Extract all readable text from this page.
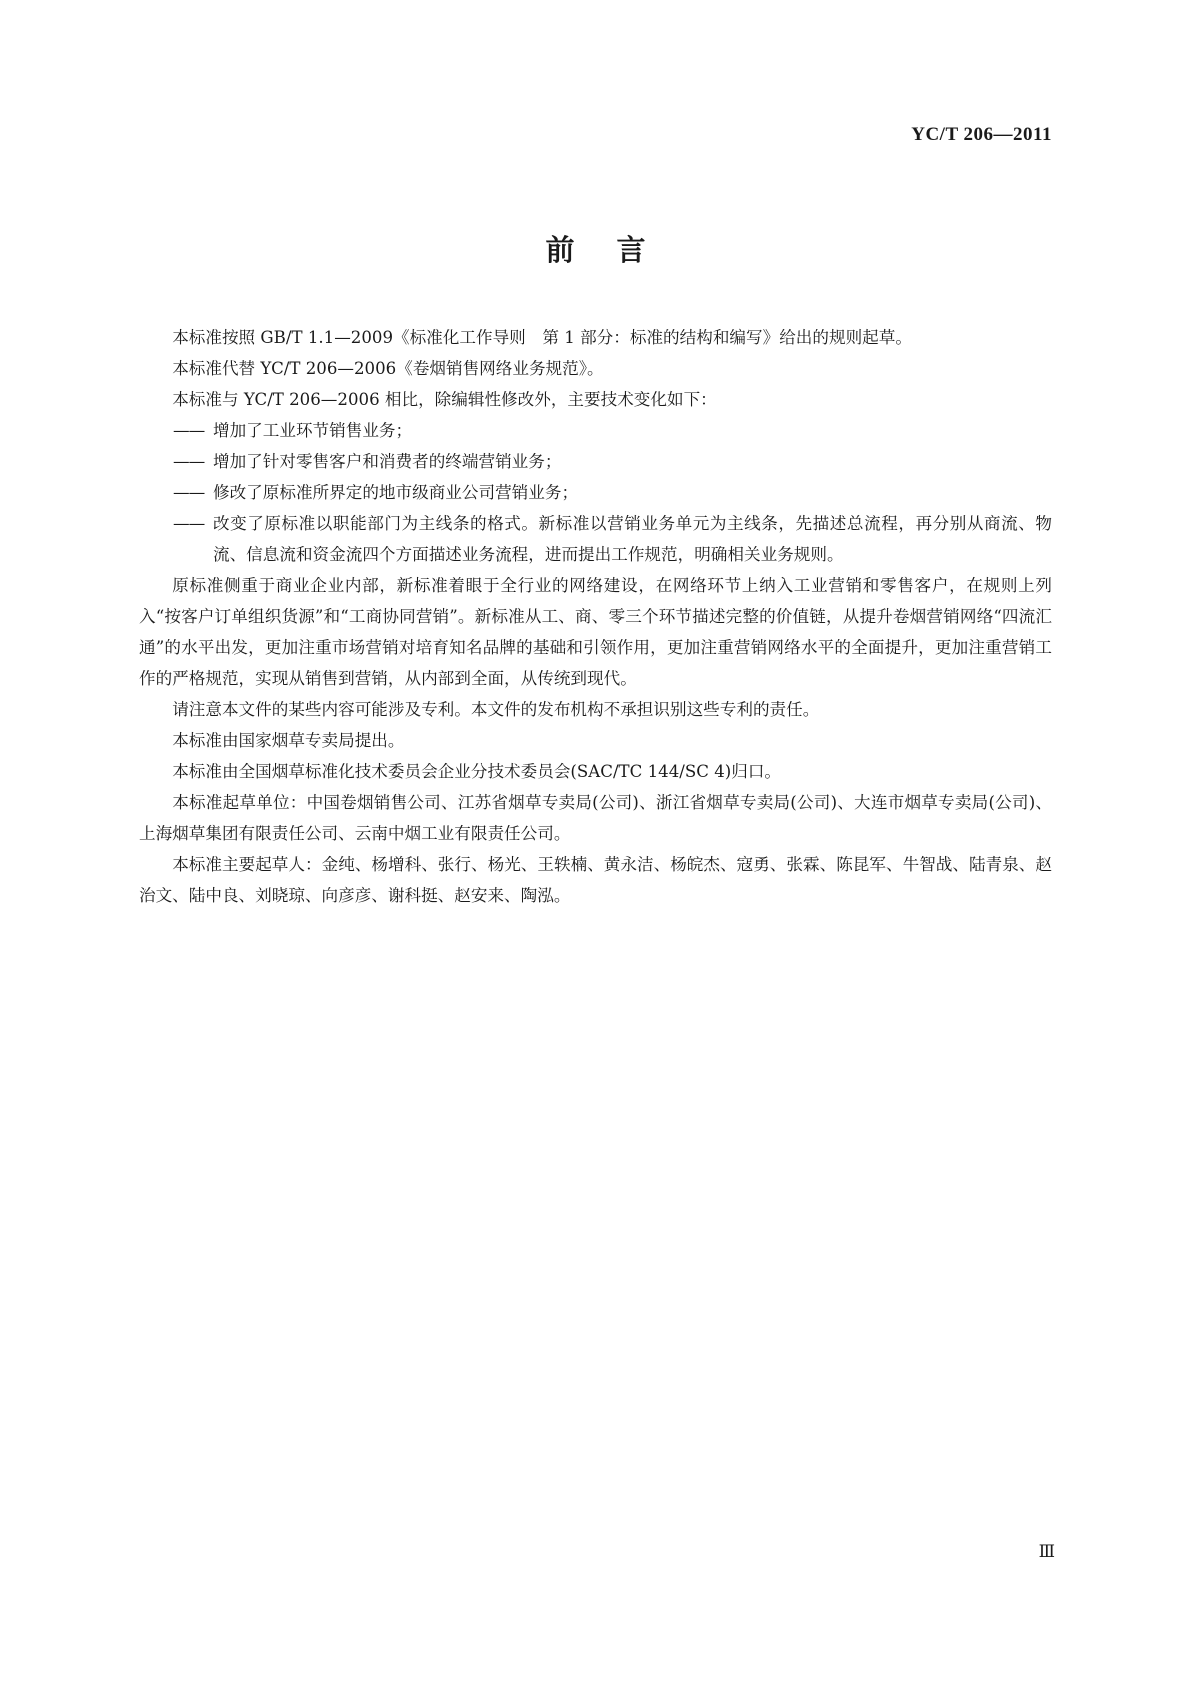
YC/T 206—2011
前言

本标准按照 GB/T 1.1—2009《标准化工作导则　第 1 部分：标准的结构和编写》给出的规则起草。

本标准代替 YC/T 206—2006《卷烟销售网络业务规范》。

本标准与 YC/T 206—2006 相比，除编辑性修改外，主要技术变化如下：

—— 增加了工业环节销售业务；
—— 增加了针对零售客户和消费者的终端营销业务；
—— 修改了原标准所界定的地市级商业公司营销业务；
—— 改变了原标准以职能部门为主线条的格式。新标准以营销业务单元为主线条，先描述总流程，再分别从商流、物流、信息流和资金流四个方面描述业务流程，进而提出工作规范，明确相关业务规则。

原标准侧重于商业企业内部，新标准着眼于全行业的网络建设，在网络环节上纳入工业营销和零售客户，在规则上列入“按客户订单组织货源”和“工商协同营销”。新标准从工、商、零三个环节描述完整的价值链，从提升卷烟营销网络“四流汇通”的水平出发，更加注重市场营销对培育知名品牌的基础和引领作用，更加注重营销网络水平的全面提升，更加注重营销工作的严格规范，实现从销售到营销，从内部到全面，从传统到现代。

请注意本文件的某些内容可能涉及专利。本文件的发布机构不承担识别这些专利的责任。

本标准由国家烟草专卖局提出。

本标准由全国烟草标准化技术委员会企业分技术委员会(SAC/TC 144/SC 4)归口。

本标准起草单位：中国卷烟销售公司、江苏省烟草专卖局(公司)、浙江省烟草专卖局(公司)、大连市烟草专卖局(公司)、上海烟草集团有限责任公司、云南中烟工业有限责任公司。

本标准主要起草人：金纯、杨增科、张行、杨光、王轶楠、黄永洁、杨皖杰、寇勇、张霖、陈昆军、牛智战、陆青泉、赵治文、陆中良、刘晓琼、向彦彦、谢科挺、赵安来、陶泓。

Ⅲ
